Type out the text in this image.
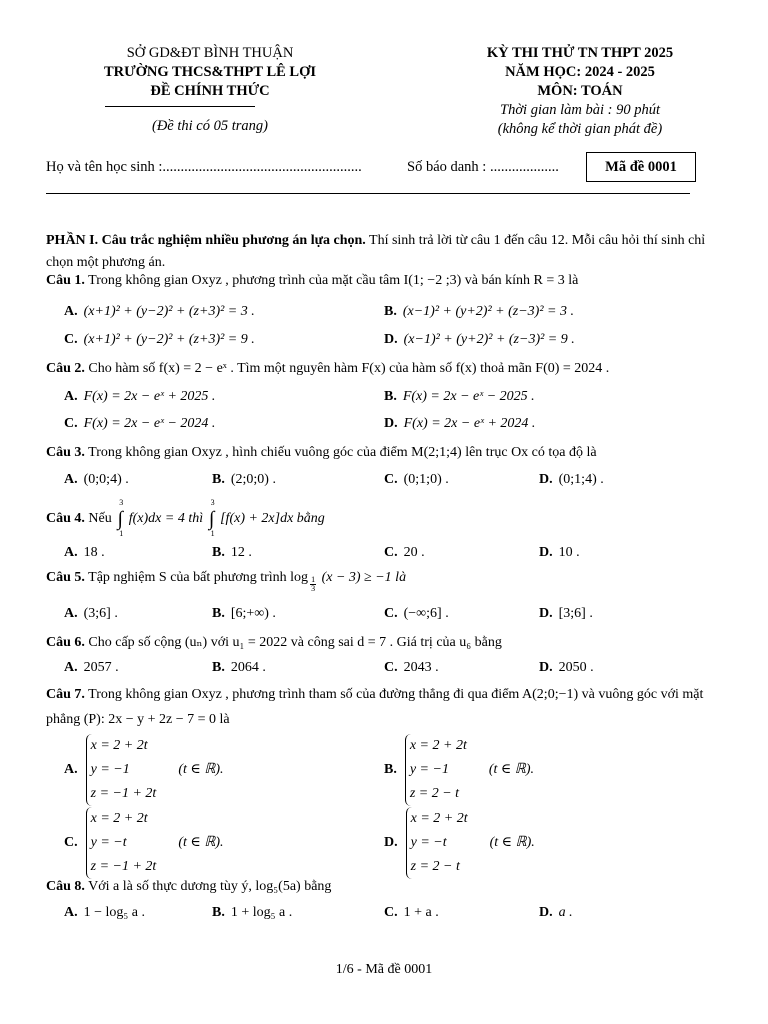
SỞ GD&ĐT BÌNH THUẬN
TRƯỜNG THCS&THPT LÊ LỢI
ĐỀ CHÍNH THỨC
(Đề thi có 05 trang)
KỲ THI THỬ TN THPT 2025
NĂM HỌC: 2024 - 2025
MÔN: TOÁN
Thời gian làm bài : 90 phút
(không kể thời gian phát đề)
Họ và tên học sinh :.......................................................	Số báo danh : ...................	Mã đề 0001
PHẦN I. Câu trắc nghiệm nhiều phương án lựa chọn. Thí sinh trả lời từ câu 1 đến câu 12. Mỗi câu hỏi thí sinh chỉ chọn một phương án.
Câu 1. Trong không gian Oxyz , phương trình của mặt cầu tâm I(1; −2 ;3) và bán kính R = 3 là
A. (x+1)² + (y−2)² + (z+3)² = 3 .	B. (x−1)² + (y+2)² + (z−3)² = 3 .
C. (x+1)² + (y−2)² + (z+3)² = 9 .	D. (x−1)² + (y+2)² + (z−3)² = 9 .
Câu 2. Cho hàm số f(x) = 2 − eˣ . Tìm một nguyên hàm F(x) của hàm số f(x) thoả mãn F(0) = 2024 .
A. F(x) = 2x − eˣ + 2025 .	B. F(x) = 2x − eˣ − 2025 .
C. F(x) = 2x − eˣ − 2024 .	D. F(x) = 2x − eˣ + 2024 .
Câu 3. Trong không gian Oxyz , hình chiếu vuông góc của điểm M(2;1;4) lên trục Ox có tọa độ là
A. (0;0;4) .	B. (2;0;0) .	C. (0;1;0) .	D. (0;1;4) .
Câu 4. Nếu ∫
3
1
f(x)dx = 4 thì ∫
3
1
[f(x) + 2x]dx bằng
A. 18 .	B. 12 .	C. 20 .	D. 10 .
Câu 5. Tập nghiệm S của bất phương trình $\log \frac{1}{3} (x - 3) \ge -1$ là
A. (3;6] .	B. [6;+∞) .	C. (−∞;6] .	D. [3;6] .
Câu 6. Cho cấp số cộng (uₙ) với u₁ = 2022 và công sai d = 7 . Giá trị của u₆ bằng
A. 2057 .	B. 2064 .	C. 2043 .	D. 2050 .
Câu 7. Trong không gian Oxyz , phương trình tham số của đường thẳng đi qua điểm A(2;0;−1) và vuông góc với mặt phẳng (P): 2x − y + 2z − 7 = 0 là
A.x = 2 + 2t
y = −1
z = −1 + 2t(t ∈ ℝ).	B.x = 2 + 2t
y = −1
z = 2 − t(t ∈ ℝ).
C.x = 2 + 2t
y = −t
z = −1 + 2t(t ∈ ℝ).	D.x = 2 + 2t
y = −t
z = 2 − t(t ∈ ℝ).
Câu 8. Với a là số thực dương tùy ý, log₅(5a) bằng
A. 1 − log₅ a .	B. 1 + log₅ a .	C. 1 + a .	D. a .
1/6 - Mã đề 0001
